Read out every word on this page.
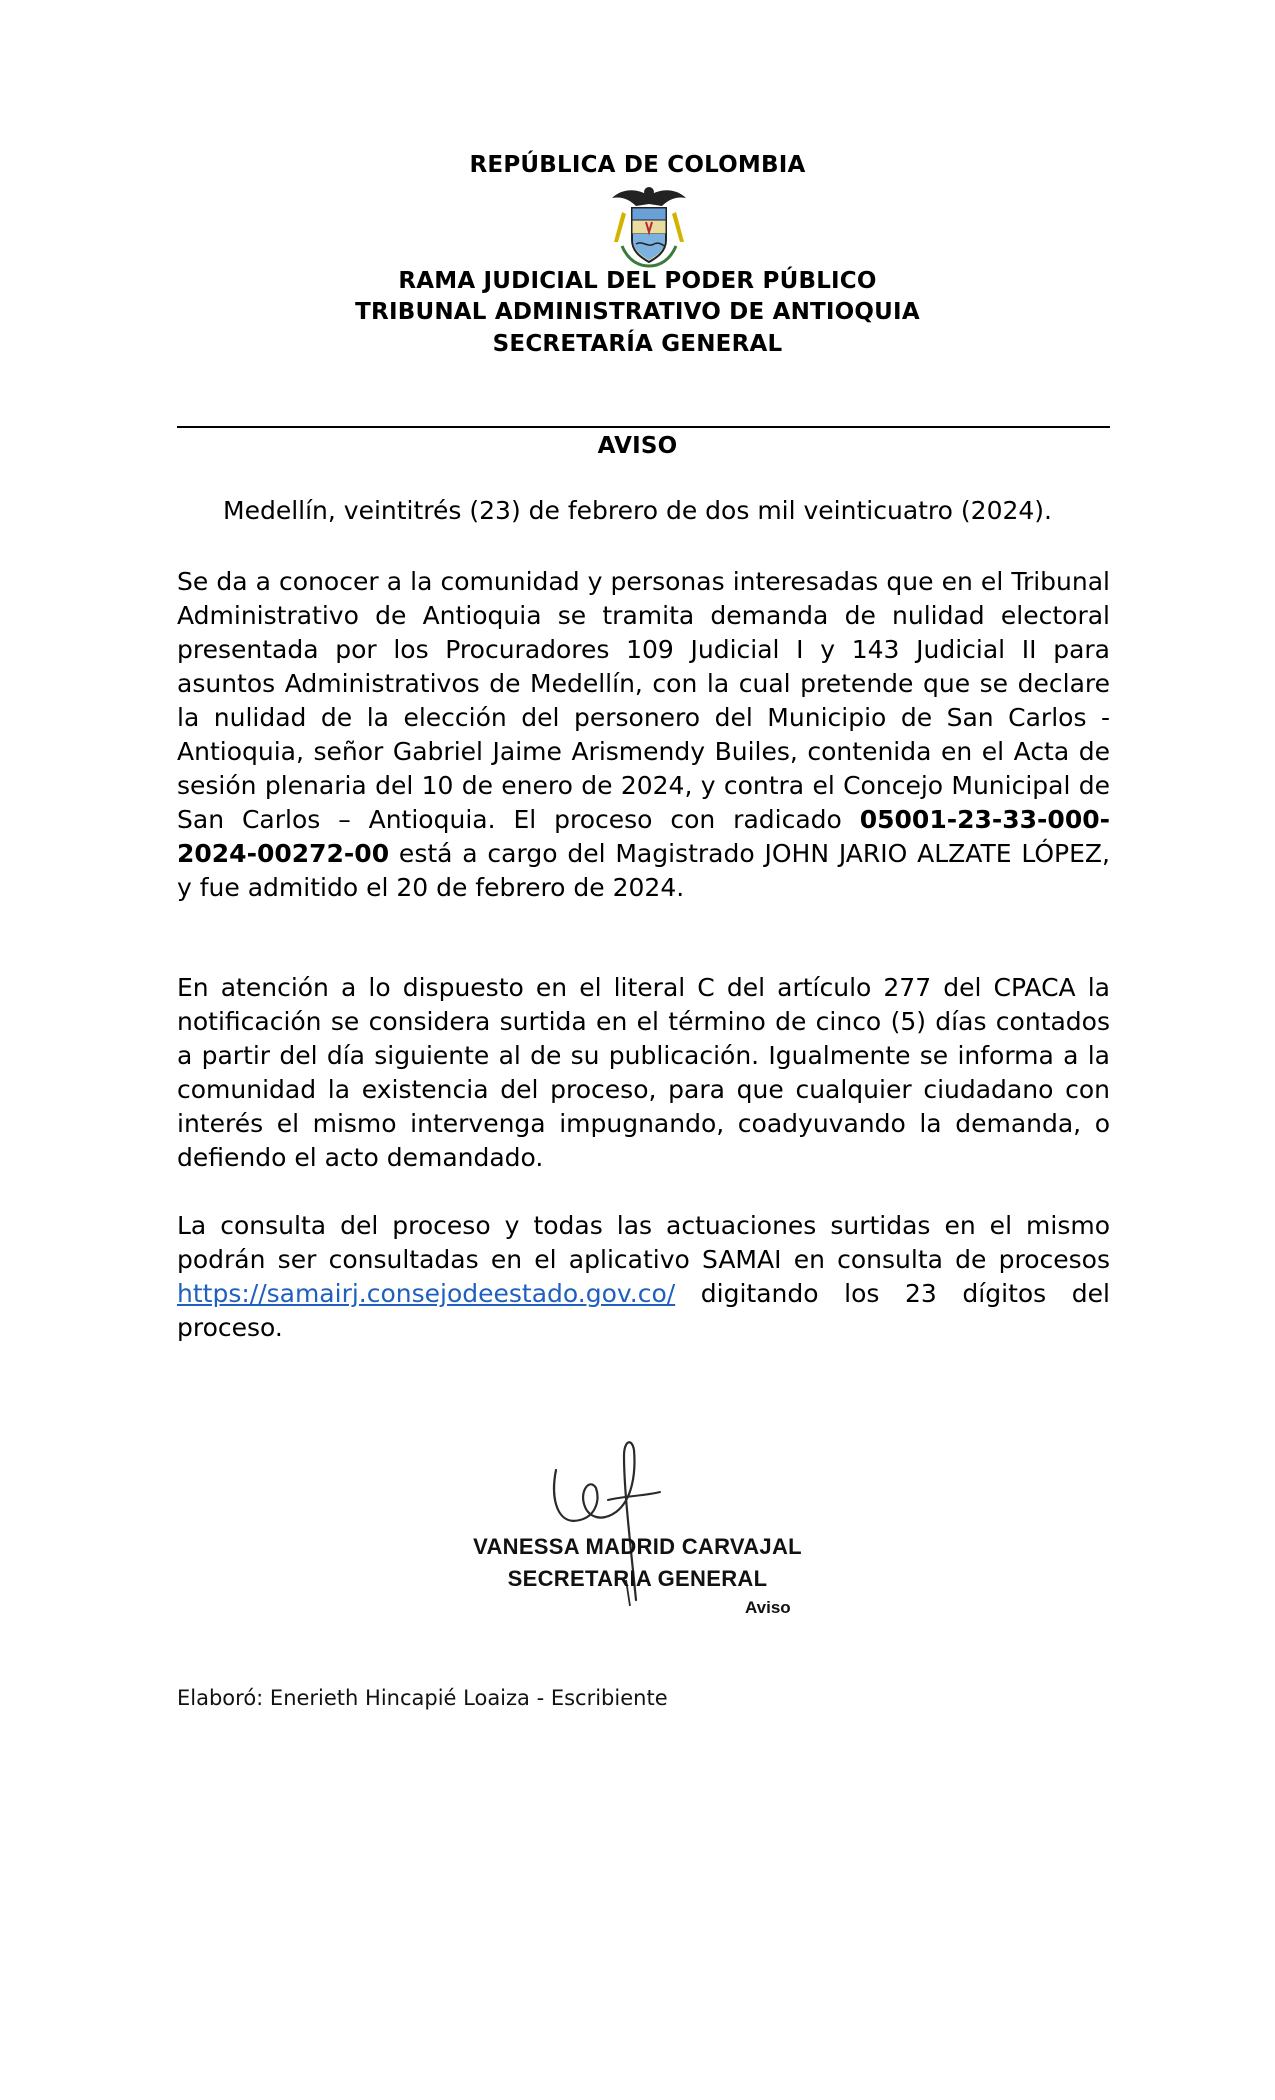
REPÚBLICA DE COLOMBIA
RAMA JUDICIAL DEL PODER PÚBLICO
TRIBUNAL ADMINISTRATIVO DE ANTIOQUIA
SECRETARÍA GENERAL
AVISO
Medellín, veintitrés (23) de febrero de dos mil veinticuatro (2024).
Se da a conocer a la comunidad y personas interesadas que en el Tribunal
Administrativo de Antioquia se tramita demanda de nulidad electoral
presentada por los Procuradores 109 Judicial I y 143 Judicial II para
asuntos Administrativos de Medellín, con la cual pretende que se declare
la nulidad de la elección del personero del Municipio de San Carlos -
Antioquia, señor Gabriel Jaime Arismendy Builes, contenida en el Acta de
sesión plenaria del 10 de enero de 2024, y contra el Concejo Municipal de
San Carlos – Antioquia. El proceso con radicado 05001-23-33-000-
2024-00272-00 está a cargo del Magistrado JOHN JARIO ALZATE LÓPEZ,
y fue admitido el 20 de febrero de 2024.
En atención a lo dispuesto en el literal C del artículo 277 del CPACA la
notificación se considera surtida en el término de cinco (5) días contados
a partir del día siguiente al de su publicación. Igualmente se informa a la
comunidad la existencia del proceso, para que cualquier ciudadano con
interés el mismo intervenga impugnando, coadyuvando la demanda, o
defiendo el acto demandado.
La consulta del proceso y todas las actuaciones surtidas en el mismo
podrán ser consultadas en el aplicativo SAMAI en consulta de procesos
https://samairj.consejodeestado.gov.co/ digitando los 23 dígitos del
proceso.
VANESSA MADRID CARVAJAL
SECRETARIA GENERAL
Aviso
Elaboró: Enerieth Hincapié Loaiza - Escribiente
